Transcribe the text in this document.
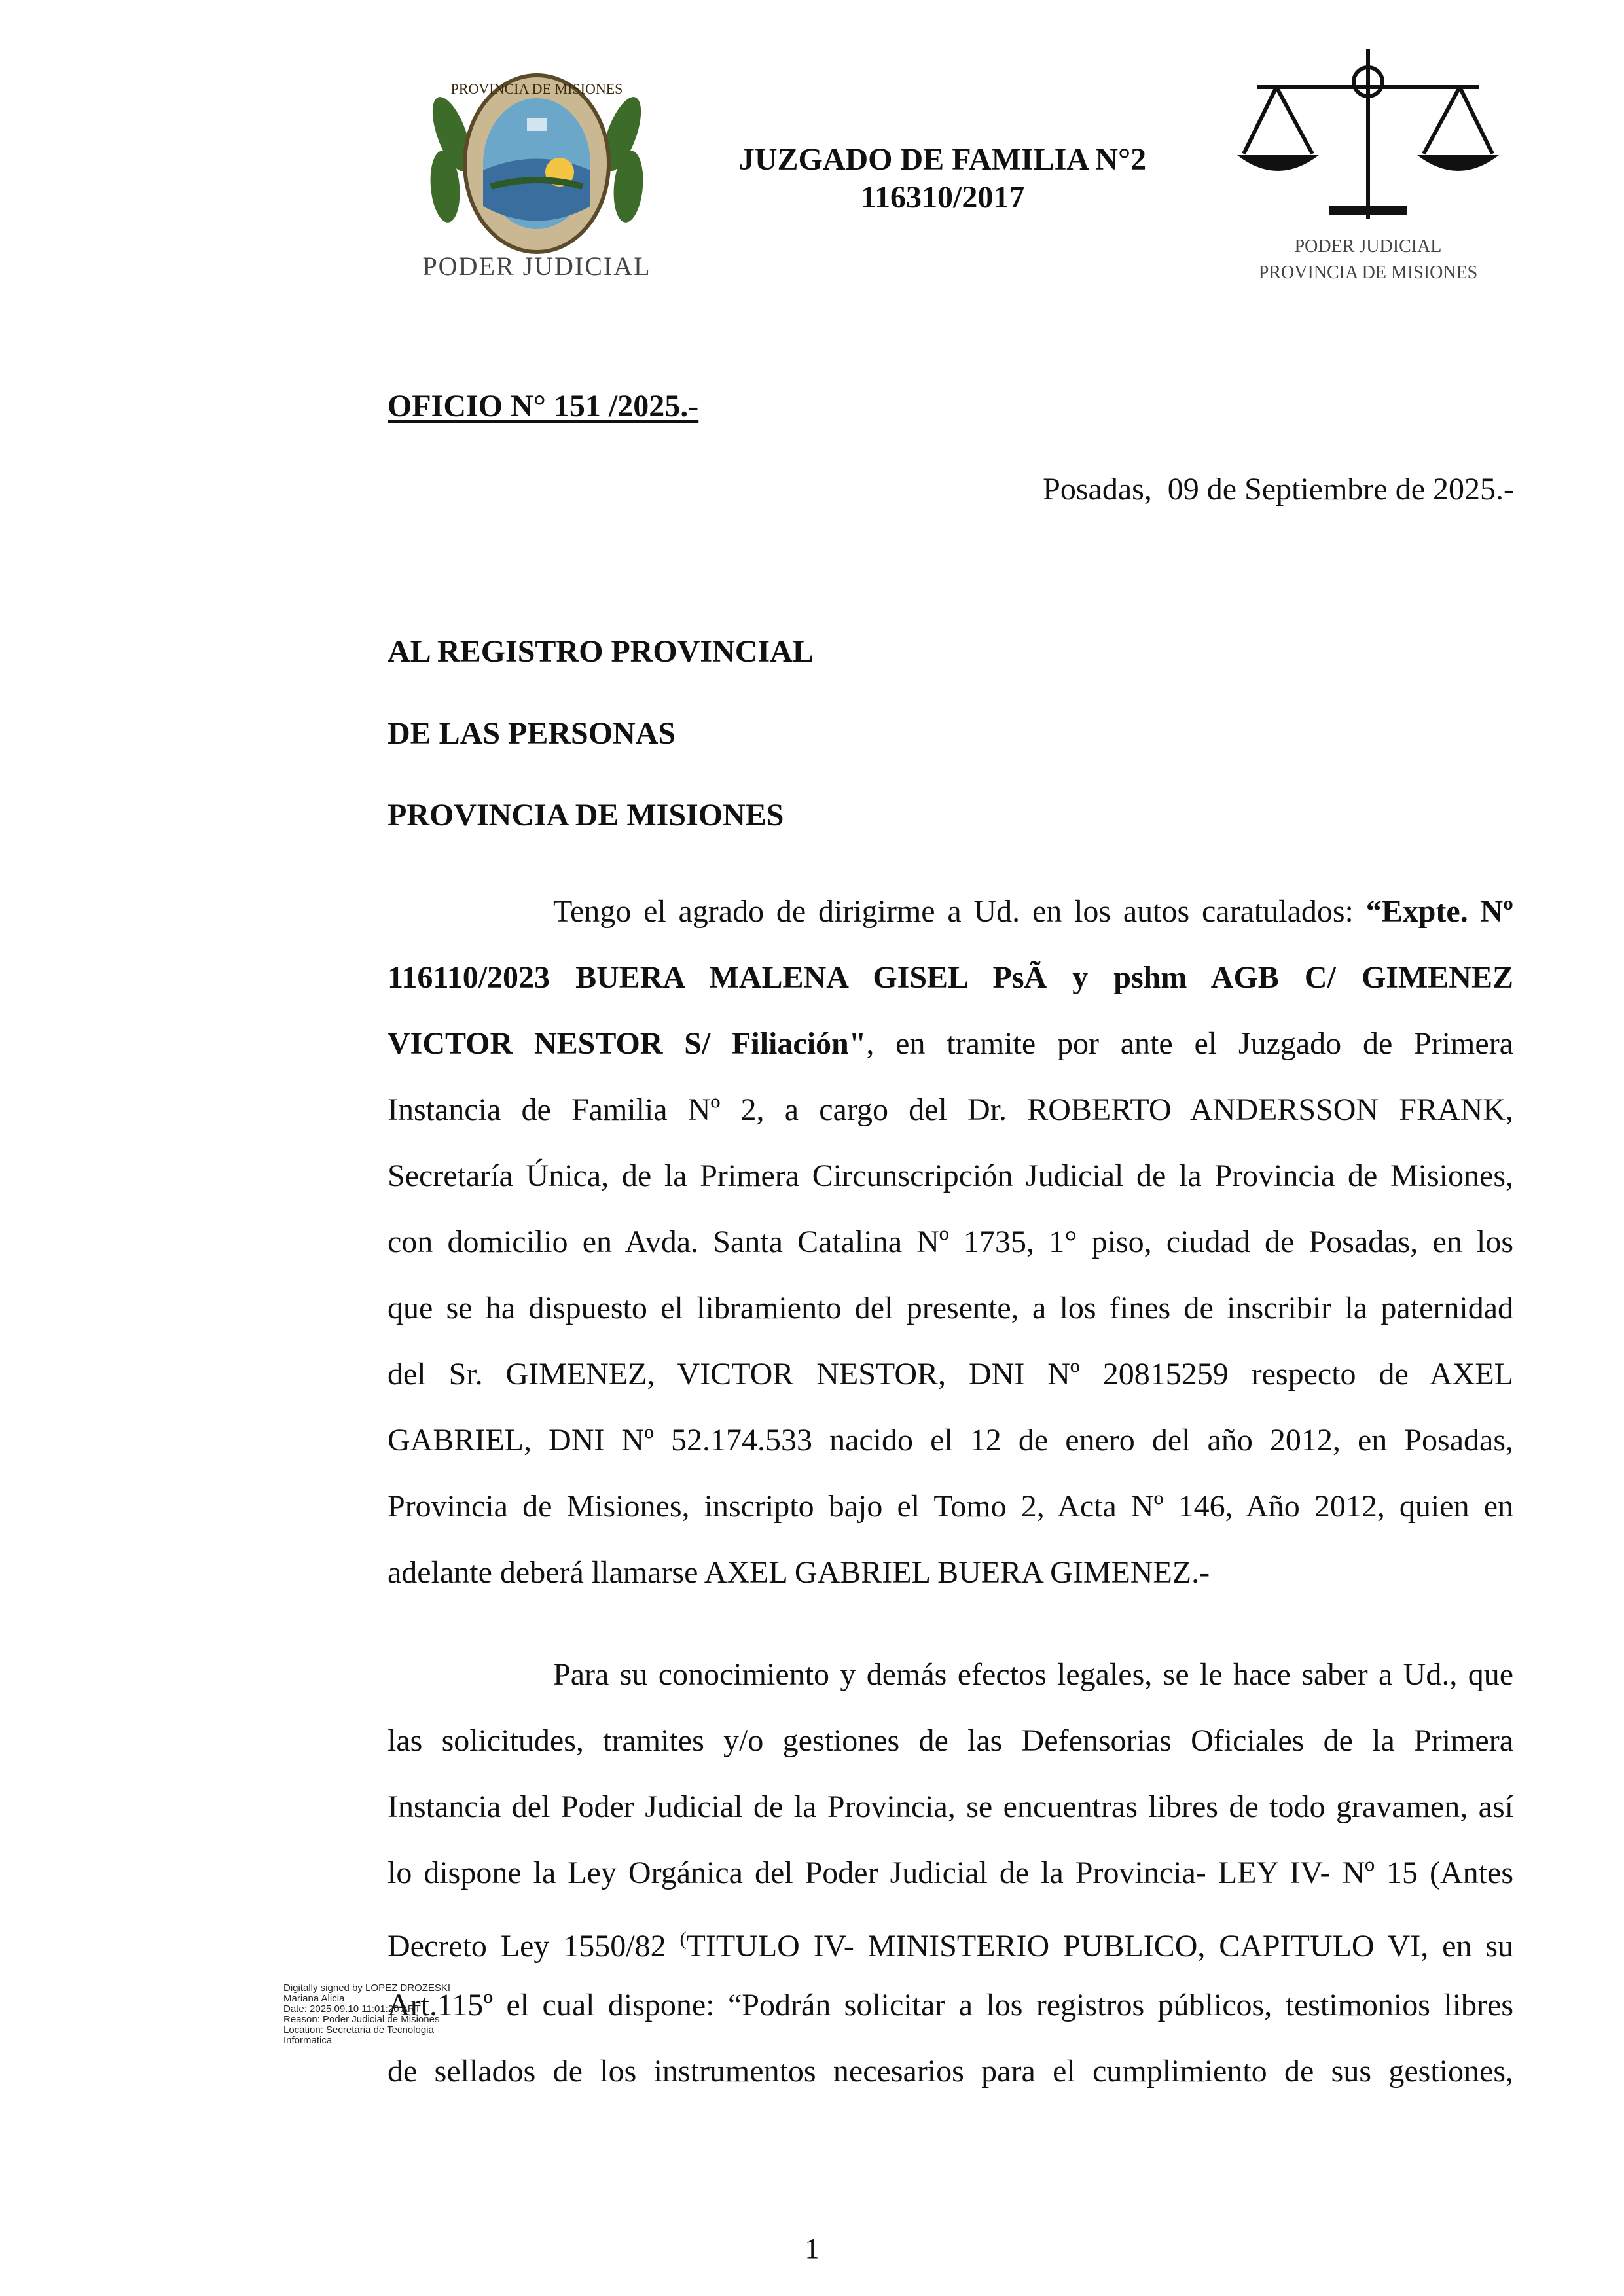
PROVINCIA DE MISIONES
PODER JUDICIAL
PODER JUDICIAL
PROVINCIA DE MISIONES
JUZGADO DE FAMILIA N°2
116310/2017
OFICIO N° 151 /2025.-
Posadas,  09 de Septiembre de 2025.-
AL REGISTRO PROVINCIAL
DE LAS PERSONAS
PROVINCIA DE MISIONES
Tengo el agrado de dirigirme a Ud. en los autos caratulados: “Expte. Nº
116110/2023 BUERA MALENA GISEL PsÃ y pshm AGB C/ GIMENEZ
VICTOR NESTOR S/ Filiación", en tramite por ante el Juzgado de Primera
Instancia de Familia Nº 2, a cargo del Dr. ROBERTO ANDERSSON FRANK,
Secretaría Única, de la Primera Circunscripción Judicial de la Provincia de Misiones,
con domicilio en Avda. Santa Catalina Nº 1735, 1° piso, ciudad de Posadas, en los
que se ha dispuesto el libramiento del presente, a los fines de inscribir la paternidad
del Sr. GIMENEZ, VICTOR NESTOR, DNI Nº 20815259 respecto de AXEL
GABRIEL, DNI Nº 52.174.533 nacido el 12 de enero del año 2012, en Posadas,
Provincia de Misiones, inscripto bajo el Tomo 2, Acta Nº 146, Año 2012, quien en
adelante deberá llamarse AXEL GABRIEL BUERA GIMENEZ.-
Para su conocimiento y demás efectos legales, se le hace saber a Ud., que
las solicitudes, tramites y/o gestiones de las Defensorias Oficiales de la Primera
Instancia del Poder Judicial de la Provincia, se encuentras libres de todo gravamen, así
lo dispone la Ley Orgánica del Poder Judicial de la Provincia- LEY IV- Nº 15 (Antes
Decreto Ley 1550/82 (TITULO IV- MINISTERIO PUBLICO, CAPITULO VI, en su
Art.115º el cual dispone: “Podrán solicitar a los registros públicos, testimonios libres
de sellados de los instrumentos necesarios para el cumplimiento de sus gestiones,
Digitally signed by LOPEZ DROZESKI
Mariana Alicia
Date: 2025.09.10 11:01:20 ART
Reason: Poder Judicial de Misiones
Location: Secretaria de Tecnologia
Informatica
1
